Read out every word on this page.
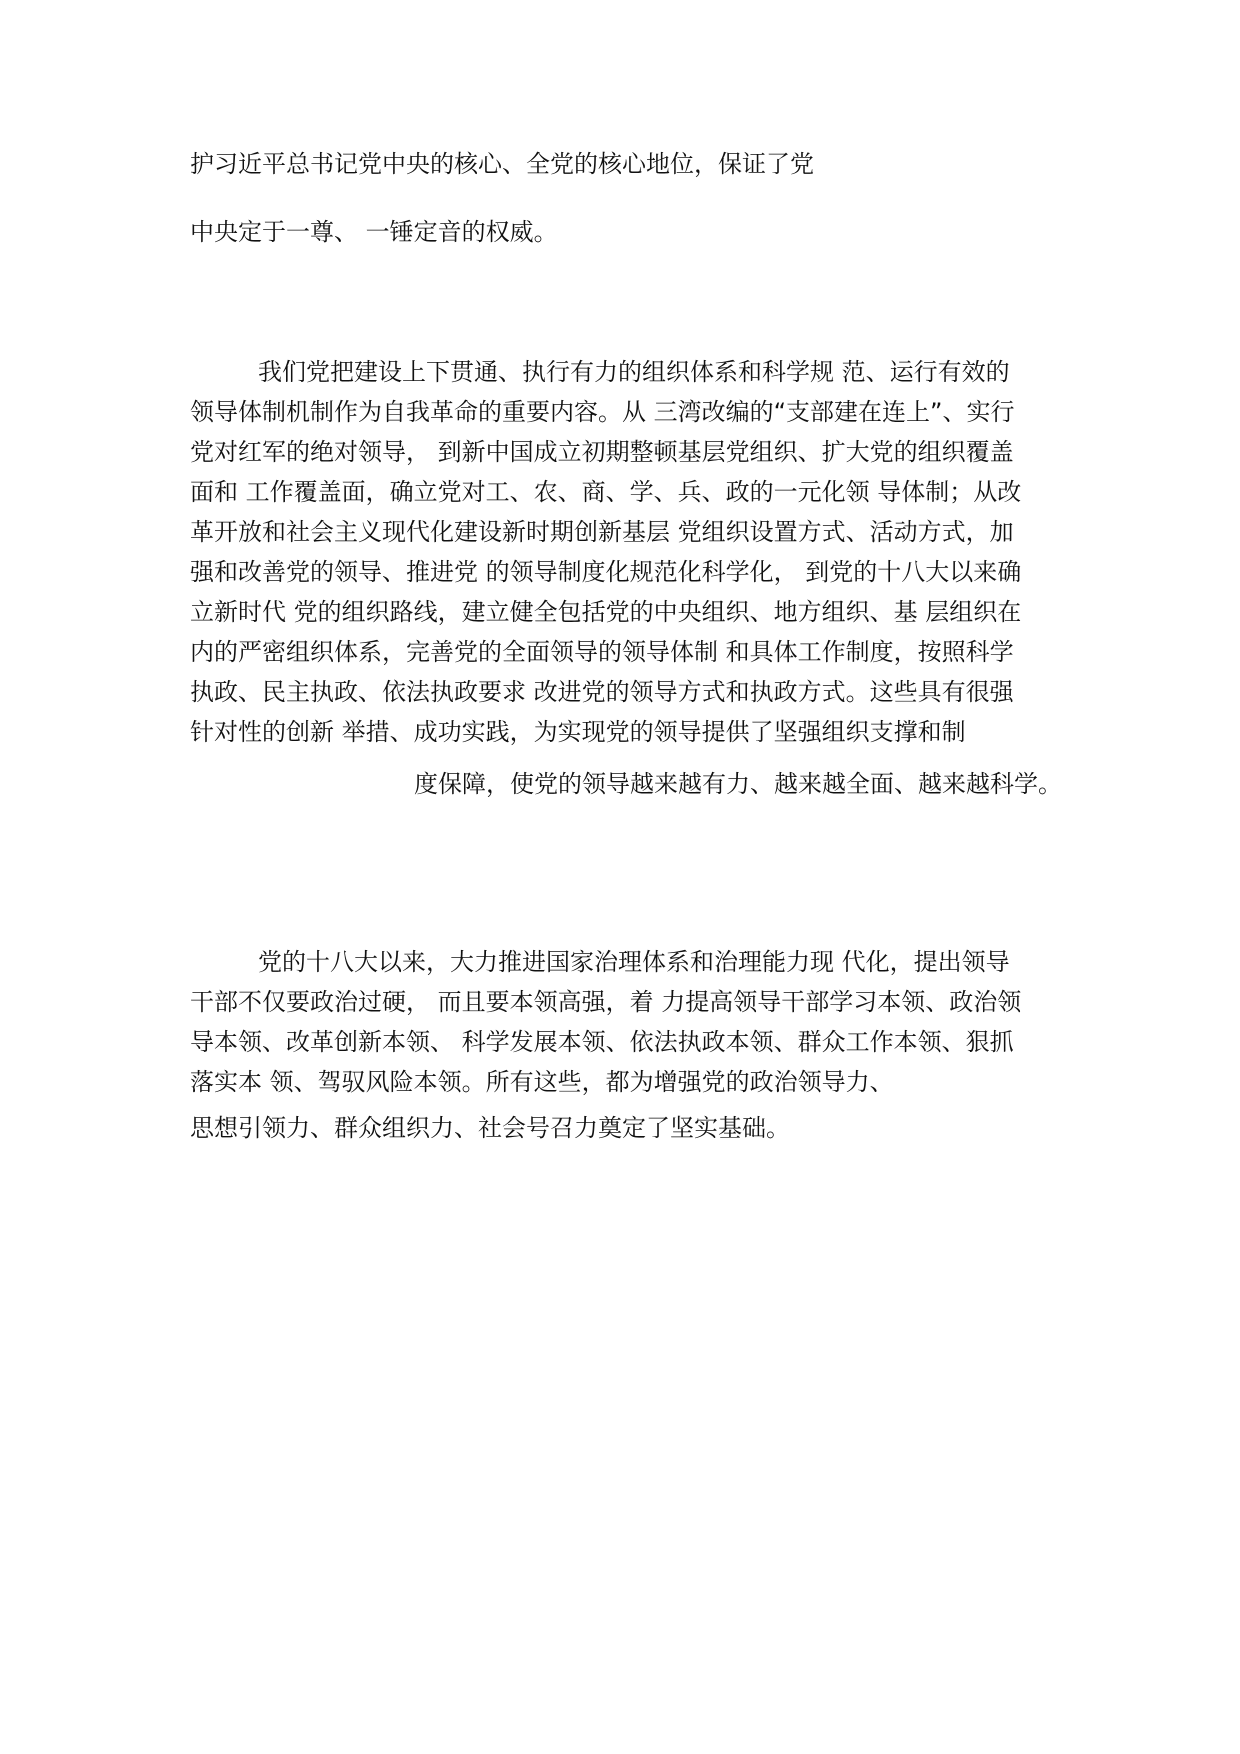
护习近平总书记党中央的核心、全党的核心地位，保证了党
中央定于一尊、 一锤定音的权威。
我们党把建设上下贯通、执行有力的组织体系和科学规 范、运行有效的
领导体制机制作为自我革命的重要内容。从 三湾改编的“支部建在连上”、实行
党对红军的绝对领导， 到新中国成立初期整顿基层党组织、扩大党的组织覆盖
面和 工作覆盖面，确立党对工、农、商、学、兵、政的一元化领 导体制；从改
革开放和社会主义现代化建设新时期创新基层 党组织设置方式、活动方式，加
强和改善党的领导、推进党 的领导制度化规范化科学化， 到党的十八大以来确
立新时代 党的组织路线，建立健全包括党的中央组织、地方组织、基 层组织在
内的严密组织体系，完善党的全面领导的领导体制 和具体工作制度，按照科学
执政、民主执政、依法执政要求 改进党的领导方式和执政方式。这些具有很强
针对性的创新 举措、成功实践，为实现党的领导提供了坚强组织支撑和制
度保障，使党的领导越来越有力、越来越全面、越来越科学。
党的十八大以来，大力推进国家治理体系和治理能力现 代化，提出领导
干部不仅要政治过硬， 而且要本领高强，着 力提高领导干部学习本领、政治领
导本领、改革创新本领、 科学发展本领、依法执政本领、群众工作本领、狠抓
落实本 领、驾驭风险本领。所有这些，都为增强党的政治领导力、
思想引领力、群众组织力、社会号召力奠定了坚实基础。
